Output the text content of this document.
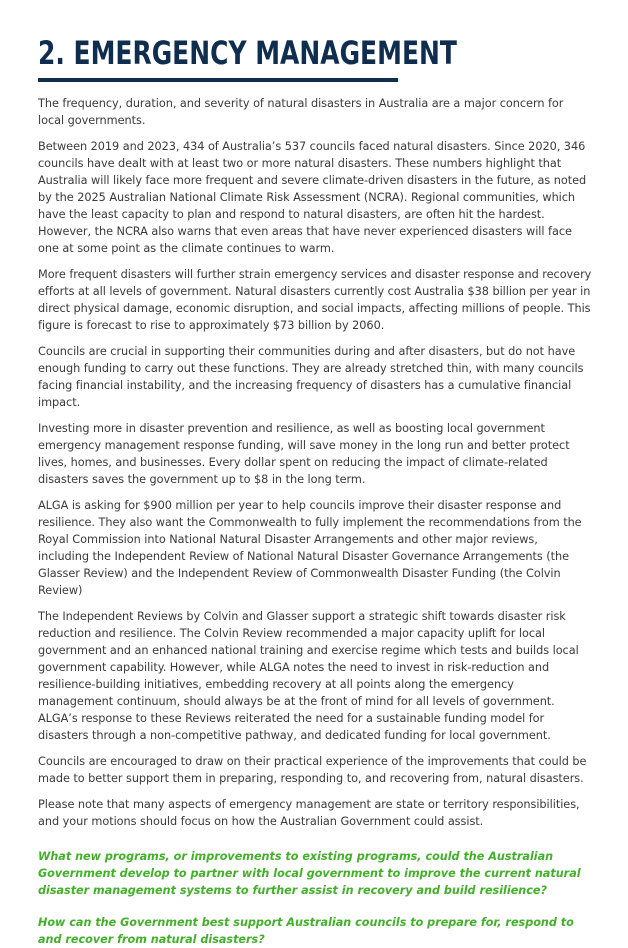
2. EMERGENCY MANAGEMENT

The frequency, duration, and severity of natural disasters in Australia are a major concern for local governments.

Between 2019 and 2023, 434 of Australia’s 537 councils faced natural disasters. Since 2020, 346 councils have dealt with at least two or more natural disasters. These numbers highlight that Australia will likely face more frequent and severe climate-driven disasters in the future, as noted by the 2025 Australian National Climate Risk Assessment (NCRA). Regional communities, which have the least capacity to plan and respond to natural disasters, are often hit the hardest. However, the NCRA also warns that even areas that have never experienced disasters will face one at some point as the climate continues to warm.

More frequent disasters will further strain emergency services and disaster response and recovery efforts at all levels of government. Natural disasters currently cost Australia $38 billion per year in direct physical damage, economic disruption, and social impacts, affecting millions of people. This figure is forecast to rise to approximately $73 billion by 2060.

Councils are crucial in supporting their communities during and after disasters, but do not have enough funding to carry out these functions. They are already stretched thin, with many councils facing financial instability, and the increasing frequency of disasters has a cumulative financial impact.

Investing more in disaster prevention and resilience, as well as boosting local government emergency management response funding, will save money in the long run and better protect lives, homes, and businesses. Every dollar spent on reducing the impact of climate-related disasters saves the government up to $8 in the long term.

ALGA is asking for $900 million per year to help councils improve their disaster response and resilience. They also want the Commonwealth to fully implement the recommendations from the Royal Commission into National Natural Disaster Arrangements and other major reviews, including the Independent Review of National Natural Disaster Governance Arrangements (the Glasser Review) and the Independent Review of Commonwealth Disaster Funding (the Colvin Review)

The Independent Reviews by Colvin and Glasser support a strategic shift towards disaster risk reduction and resilience. The Colvin Review recommended a major capacity uplift for local government and an enhanced national training and exercise regime which tests and builds local government capability. However, while ALGA notes the need to invest in risk-reduction and resilience-building initiatives, embedding recovery at all points along the emergency management continuum, should always be at the front of mind for all levels of government. ALGA’s response to these Reviews reiterated the need for a sustainable funding model for disasters through a non-competitive pathway, and dedicated funding for local government.

Councils are encouraged to draw on their practical experience of the improvements that could be made to better support them in preparing, responding to, and recovering from, natural disasters.

Please note that many aspects of emergency management are state or territory responsibilities, and your motions should focus on how the Australian Government could assist.

What new programs, or improvements to existing programs, could the Australian Government develop to partner with local government to improve the current natural disaster management systems to further assist in recovery and build resilience?

How can the Government best support Australian councils to prepare for, respond to and recover from natural disasters?
